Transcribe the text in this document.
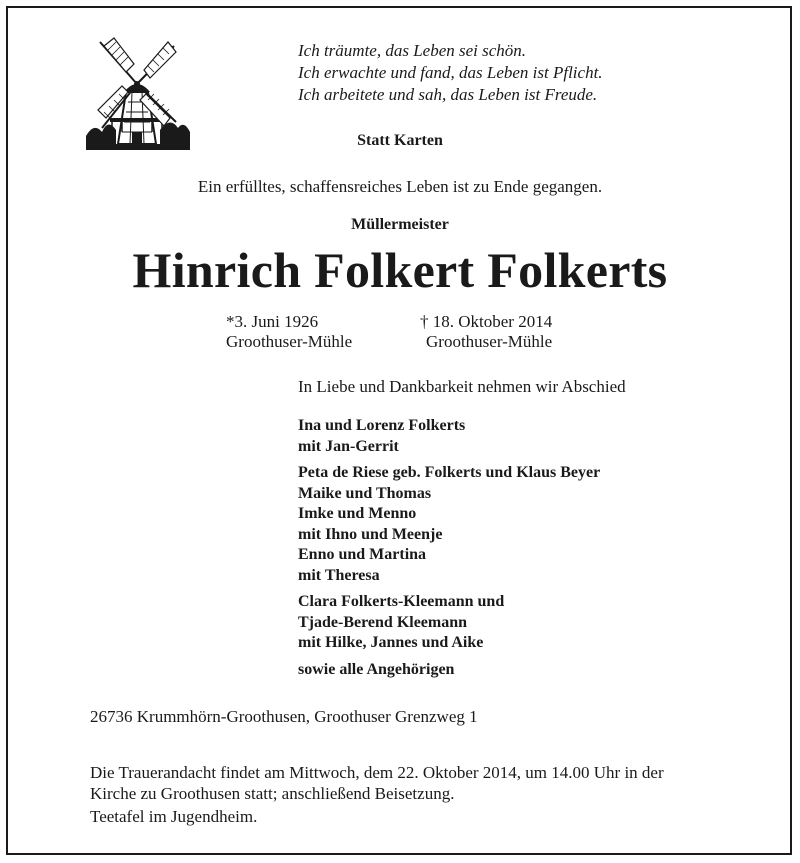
Ich träumte, das Leben sei schön.
Ich erwachte und fand, das Leben ist Pflicht.
Ich arbeitete und sah, das Leben ist Freude.
Statt Karten
Ein erfülltes, schaffensreiches Leben ist zu Ende gegangen.
Müllermeister
Hinrich Folkert Folkerts
*3. Juni 1926
Groothuser-Mühle
† 18. Oktober 2014
Groothuser-Mühle
In Liebe und Dankbarkeit nehmen wir Abschied
Ina und Lorenz Folkerts
mit Jan-Gerrit
Peta de Riese geb. Folkerts und Klaus Beyer
Maike und Thomas
Imke und Menno
mit Ihno und Meenje
Enno und Martina
mit Theresa
Clara Folkerts-Kleemann und
Tjade-Berend Kleemann
mit Hilke, Jannes und Aike
sowie alle Angehörigen
26736 Krummhörn-Groothusen, Groothuser Grenzweg 1
Die Trauerandacht findet am Mittwoch, dem 22. Oktober 2014, um 14.00 Uhr in der
Kirche zu Groothusen statt; anschließend Beisetzung.
Teetafel im Jugendheim.
